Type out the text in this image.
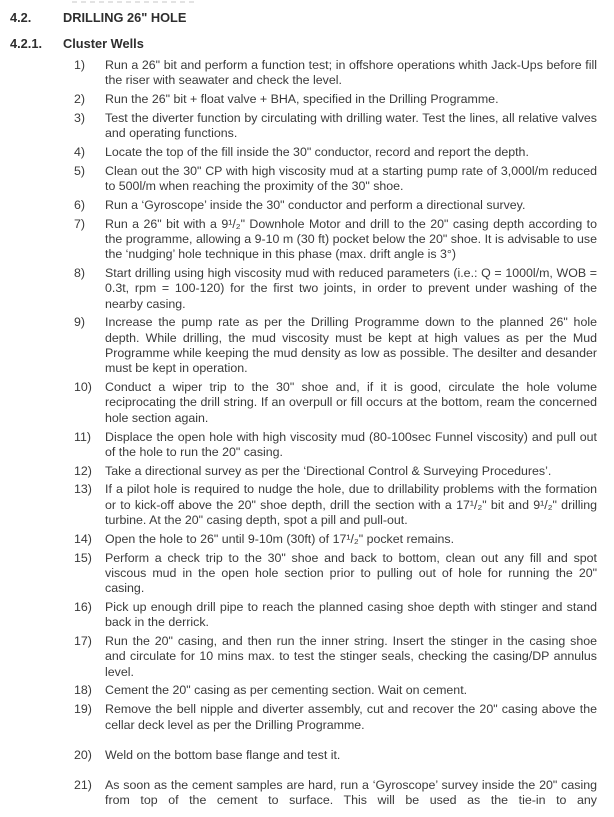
4.2.	DRILLING 26" HOLE
4.2.1.	Cluster Wells
1)	Run a 26" bit and perform a function test; in offshore operations whith Jack-Ups before fill the riser with seawater and check the level.
2)	Run the 26" bit + float valve + BHA, specified in the Drilling Programme.
3)	Test the diverter function by circulating with drilling water. Test the lines, all relative valves and operating functions.
4)	Locate the top of the fill inside the 30" conductor, record and report the depth.
5)	Clean out the 30" CP with high viscosity mud at a starting pump rate of 3,000l/m reduced to 500l/m when reaching the proximity of the 30" shoe.
6)	Run a ‘Gyroscope’ inside the 30" conductor and perform a directional survey.
7)	Run a 26" bit with a 9¹/₂" Downhole Motor and drill to the 20" casing depth according to the programme, allowing a 9-10 m (30 ft) pocket below the 20" shoe. It is advisable to use the ‘nudging’ hole technique in this phase (max. drift angle is 3°)
8)	Start drilling using high viscosity mud with reduced parameters (i.e.: Q = 1000l/m, WOB = 0.3t, rpm = 100-120) for the first two joints, in order to prevent under washing of the nearby casing.
9)	Increase the pump rate as per the Drilling Programme down to the planned 26" hole depth. While drilling, the mud viscosity must be kept at high values as per the Mud Programme while keeping the mud density as low as possible. The desilter and desander must be kept in operation.
10)	Conduct a wiper trip to the 30" shoe and, if it is good, circulate the hole volume reciprocating the drill string. If an overpull or fill occurs at the bottom, ream the concerned hole section again.
11)	Displace the open hole with high viscosity mud (80-100sec Funnel viscosity) and pull out of the hole to run the 20" casing.
12)	Take a directional survey as per the ‘Directional Control & Surveying Procedures’.
13)	If a pilot hole is required to nudge the hole, due to drillability problems with the formation or to kick-off above the 20" shoe depth, drill the section with a 17¹/₂" bit and 9¹/₂" drilling turbine. At the 20" casing depth, spot a pill and pull-out.
14)	Open the hole to 26" until 9-10m (30ft) of 17¹/₂" pocket remains.
15)	Perform a check trip to the 30" shoe and back to bottom, clean out any fill and spot viscous mud in the open hole section prior to pulling out of hole for running the 20" casing.
16)	Pick up enough drill pipe to reach the planned casing shoe depth with stinger and stand back in the derrick.
17)	Run the 20" casing, and then run the inner string. Insert the stinger in the casing shoe and circulate for 10 mins max. to test the stinger seals, checking the casing/DP annulus level.
18)	Cement the 20" casing as per cementing section. Wait on cement.
19)	Remove the bell nipple and diverter assembly, cut and recover the 20" casing above the cellar deck level as per the Drilling Programme.
20)	Weld on the bottom base flange and test it.
21)	As soon as the cement samples are hard, run a ‘Gyroscope’ survey inside the 20" casing from top of the cement to surface. This will be used as the tie-in to any
